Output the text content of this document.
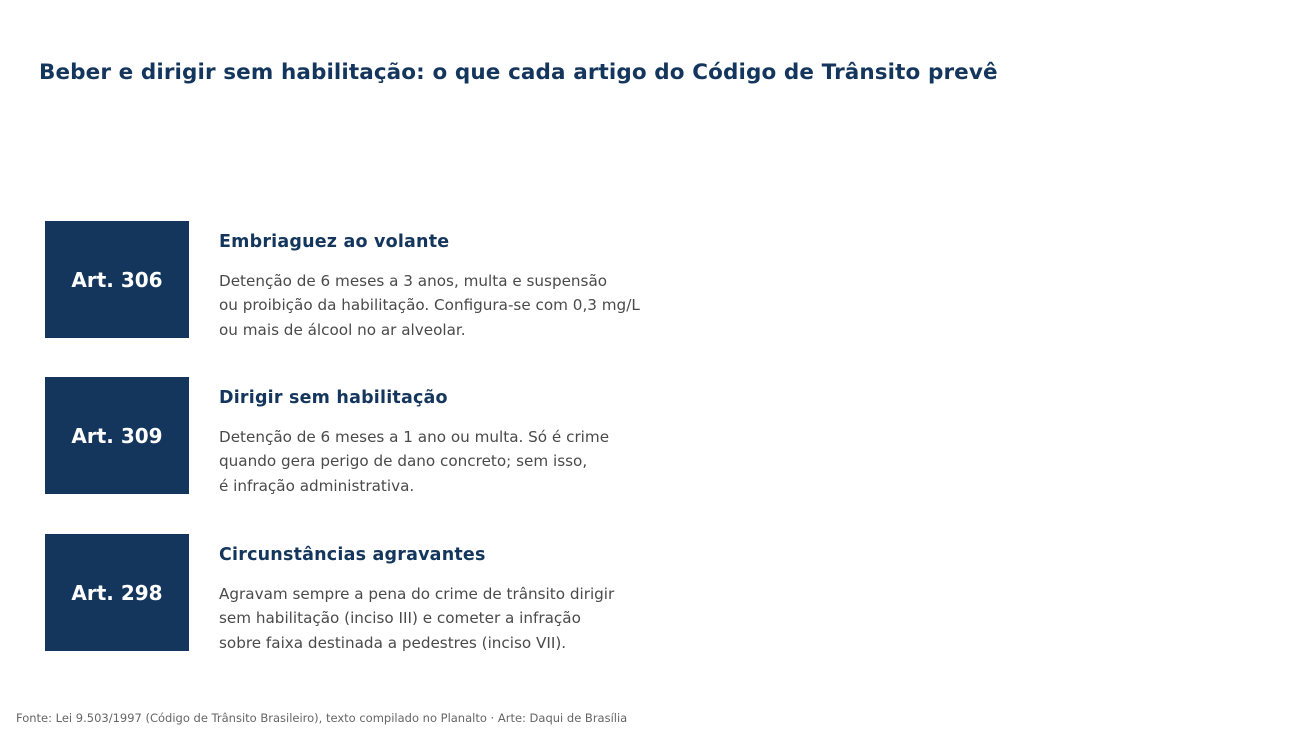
Beber e dirigir sem habilitação: o que cada artigo do Código de Trânsito prevê
Art. 306
Embriaguez ao volante
Detenção de 6 meses a 3 anos, multa e suspensão
ou proibição da habilitação. Configura-se com 0,3 mg/L
ou mais de álcool no ar alveolar.
Art. 309
Dirigir sem habilitação
Detenção de 6 meses a 1 ano ou multa. Só é crime
quando gera perigo de dano concreto; sem isso,
é infração administrativa.
Art. 298
Circunstâncias agravantes
Agravam sempre a pena do crime de trânsito dirigir
sem habilitação (inciso III) e cometer a infração
sobre faixa destinada a pedestres (inciso VII).
Fonte: Lei 9.503/1997 (Código de Trânsito Brasileiro), texto compilado no Planalto · Arte: Daqui de Brasília
